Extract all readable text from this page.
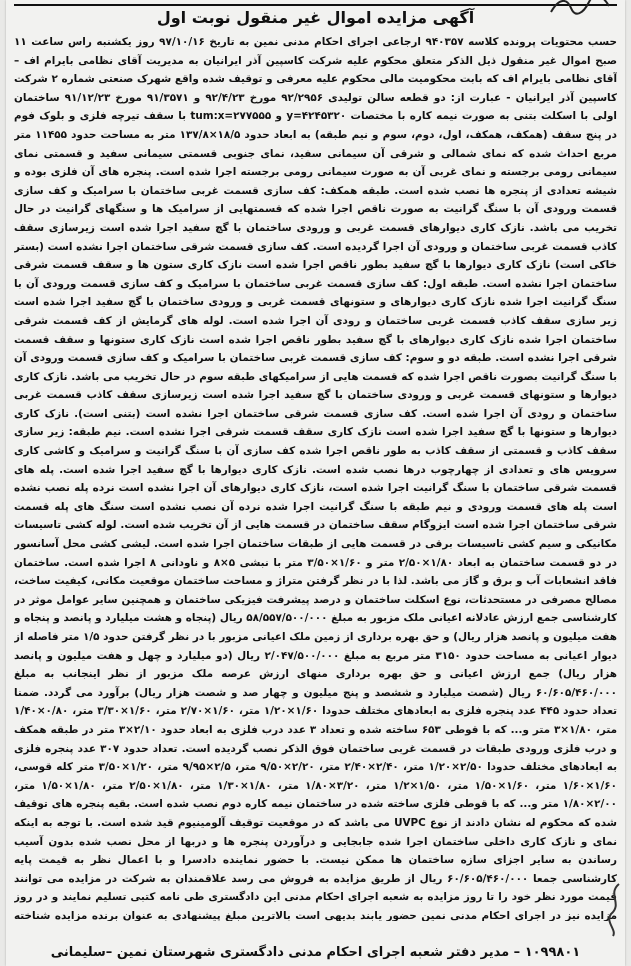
آگهی مزایده اموال غیر منقول نوبت اول
حسب محتویات پرونده کلاسه ۹۴۰۳۵۷ ارجاعی اجرای احکام مدنی نمین به تاریخ ۹۷/۱۰/۱۶ روز یکشنبه راس ساعت ۱۱ صبح اموال غیر منقول ذیل الذکر متعلق محکوم علیه شرکت کاسپین آذر ایرانیان به مدیریت آقای نظامی بایرام اف – آقای نظامی بایرام اف که بابت محکومیت مالی محکوم علیه معرفی و توقیف شده واقع شهرک صنعتی شماره ۲ شرکت کاسپین آذر ایرانیان - عبارت از: دو قطعه سالن تولیدی ۹۲/۲۹۵۶ مورخ ۹۲/۴/۲۳ و ۹۱/۳۵۷۱ مورخ ۹۱/۱۲/۲۳ ساختمان اولی با اسکلت بتنی به صورت نیمه کاره با مختصات y=۴۲۴۵۳۲۰ و tum:x=۲۷۷۵۵۵ با سقف تیرچه فلزی و بلوک فوم در پنج سقف (همکف، همکف، اول، دوم، سوم و نیم طبقه) به ابعاد حدود ۱۸/۵×۱۳۷/۸ متر به مساحت حدود ۱۱۴۵۵ متر مربع احداث شده که نمای شمالی و شرقی آن سیمانی سفید، نمای جنوبی قسمتی سیمانی سفید و قسمتی نمای سیمانی رومی برجسته و نمای غربی آن به صورت سیمانی رومی برجسته اجرا شده است. پنجره های آن فلزی بوده و شیشه تعدادی از پنجره ها نصب شده است. طبقه همکف: کف سازی قسمت غربی ساختمان با سرامیک و کف سازی قسمت ورودی آن با سنگ گرانیت به صورت ناقص اجرا شده که قسمتهایی از سرامیک ها و سنگهای گرانیت در حال تخریب می باشد. نازک کاری دیوارهای قسمت غربی و ورودی ساختمان با گچ سفید اجرا شده است زیرسازی سقف کاذب قسمت غربی ساختمان و ورودی آن اجرا گردیده است. کف سازی قسمت شرقی ساختمان اجرا نشده است (بستر خاکی است) نازک کاری دیوارها با گچ سفید بطور ناقص اجرا شده است نازک کاری ستون ها و سقف قسمت شرقی ساختمان اجرا نشده است. طبقه اول: کف سازی قسمت غربی ساختمان با سرامیک و کف سازی قسمت ورودی آن با سنگ گرانیت اجرا شده نازک کاری دیوارهای و ستونهای قسمت غربی و ورودی ساختمان با گچ سفید اجرا شده است زیر سازی سقف کاذب قسمت غربی ساختمان و رودی آن اجرا شده است. لوله های گرمایش از کف قسمت شرقی ساختمان اجرا شده نازک کاری دیوارهای با گچ سفید بطور ناقص اجرا شده است نازک کاری ستونها و سقف قسمت شرقی اجرا نشده است. طبقه دو و سوم: کف سازی قسمت غربی ساختمان با سرامیک و کف سازی قسمت ورودی آن با سنگ گرانیت بصورت ناقص اجرا شده که قسمت هایی از سرامیکهای طبقه سوم در حال تخریب می باشد. نازک کاری دیوارها و ستونهای قسمت غربی و ورودی ساختمان با گچ سفید اجرا شده است زیرسازی سقف کاذب قسمت غربی ساختمان و رودی آن اجرا شده است. کف سازی قسمت شرقی ساختمان اجرا نشده است (بتنی است). نازک کاری دیوارها و ستونها با گچ سفید اجرا شده است نازک کاری سقف قسمت شرقی اجرا نشده است. نیم طبقه: زیر سازی سقف کاذب و قسمتی از سقف کاذب به طور ناقص اجرا شده کف سازی آن با سنگ گرانیت و سرامیک و کاشی کاری سرویس های و تعدادی از چهارچوب درها نصب شده است. نازک کاری دیوارها با گچ سفید اجرا شده است. پله های قسمت شرقی ساختمان با سنگ گرانیت اجرا شده است، نازک کاری دیوارهای آن اجرا نشده است نرده پله نصب نشده است پله های قسمت ورودی و نیم طبقه با سنگ گرانیت اجرا شده نرده آن نصب نشده است سنگ های پله قسمت شرقی ساختمان اجرا شده است ایزوگام سقف ساختمان در قسمت هایی از آن تخریب شده است. لوله کشی تاسیسات مکانیکی و سیم کشی تاسیسات برقی در قسمت هایی از طبقات ساختمان اجرا شده است. لیشی کشی محل آسانسور در دو قسمت ساختمان به ابعاد ۱/۸۰×۲/۵۰ متر و ۱/۶۰×۳/۵۰ متر با نبشی ۵×۸ و ناودانی ۸ اجرا شده است. ساختمان فاقد انشعابات آب و برق و گاز می باشد. لذا با در نظر گرفتن متراژ و مساحت ساختمان موقعیت مکانی، کیفیت ساخت، مصالح مصرفی در مستحدثات، نوع اسکلت ساختمان و درصد پیشرفت فیزیکی ساختمان و همچنین سایر عوامل موثر در کارشناسی جمع ارزش عادلانه اعیانی ملک مزبور به مبلغ ۵۸/۵۵۷/۵۰۰/۰۰۰ ریال (پنجاه و هشت میلیارد و پانصد و پنجاه و هفت میلیون و پانصد هزار ریال) و حق بهره برداری از زمین ملک اعیانی مزبور با در نظر گرفتن حدود ۱/۵ متر فاصله از دیوار اعیانی به مساحت حدود ۳۱۵۰ متر مربع به مبلغ ۲/۰۴۷/۵۰۰/۰۰۰ ریال (دو میلیارد و چهل و هفت میلیون و پانصد هزار ریال) جمع ارزش اعیانی و حق بهره برداری منهای ارزش عرصه ملک مزبور از نظر اینجانب به مبلغ ۶۰/۶۰۵/۴۶۰/۰۰۰ ریال (شصت میلیارد و ششصد و پنج میلیون و چهار صد و شصت هزار ریال) برآورد می گردد. ضمنا تعداد حدود ۴۴۵ عدد پنجره فلزی به ابعادهای مختلف حدودا ۱/۶۰×۱/۲۰ متر، ۱/۶۰×۲/۷۰ متر، ۱/۶۰×۳/۳۰ متر، ۰/۸۰×۱/۴۰ متر، ۱/۸۰×۳ متر و... که با قوطی ۶۵۳ ساخته شده و تعداد ۳ عدد درب فلزی به ابعاد حدود ۲/۱۰×۳ متر در طبقه همکف و درب فلزی ورودی طبقات در قسمت غربی ساختمان فوق الذکر نصب گردیده است. تعداد حدود ۳۰۷ عدد پنجره فلزی به ابعادهای مختلف حدودا ۲/۵۰×۱/۲۰ متر، ۲/۴۰×۲/۴۰ متر، ۲/۲۰×۹/۵۰ متر، ۲/۵×۹/۹۵ متر، ۱/۲۰×۳/۵۰ متر کله قوسی، ۱/۶۰×۱/۶۰ متر، ۱/۶۰×۱/۵۰ متر، ۱/۵۰×۱/۲ متر، ۳/۲۰×۱/۸۰ متر، ۱/۸۰×۱/۳۰ متر، ۱/۸۰×۲/۵۰ متر، ۱/۸۰×۱/۵۰ متر، ۲/۰۰×۱/۸۰ متر و... که با قوطی فلزی ساخته شده در ساختمان نیمه کاره دوم نصب شده است. بقیه پنجره های توقیف شده که محکوم له نشان دادند از نوع UVPC می باشد که در موقعیت توقیف آلومینیوم قید شده است. با توجه به اینکه نمای و نازک کاری داخلی ساختمان اجرا شده جابجایی و درآوردن پنجره ها و دربها از محل نصب شده بدون آسیب رساندن به سایر اجزای سازه ساختمان ها ممکن نیست. با حضور نماینده دادسرا و با اعمال نظر به قیمت پایه کارشناسی جمعا ۶۰/۶۰۵/۴۶۰/۰۰۰ ریال از طریق مزایده به فروش می رسد علاقمندان به شرکت در مزایده می توانند قیمت مورد نظر خود را تا روز مزایده به شعبه اجرای احکام مدنی این دادگستری طی نامه کتبی تسلیم نمایند و در روز مزایده نیز در اجرای احکام مدنی نمین حضور یابند بدیهی است بالاترین مبلغ پیشنهادی به عنوان برنده مزایده شناخته
۱۰۹۹۸۰۱ – مدیر دفتر شعبه اجرای احکام مدنی دادگستری شهرستان نمین –سلیمانی
